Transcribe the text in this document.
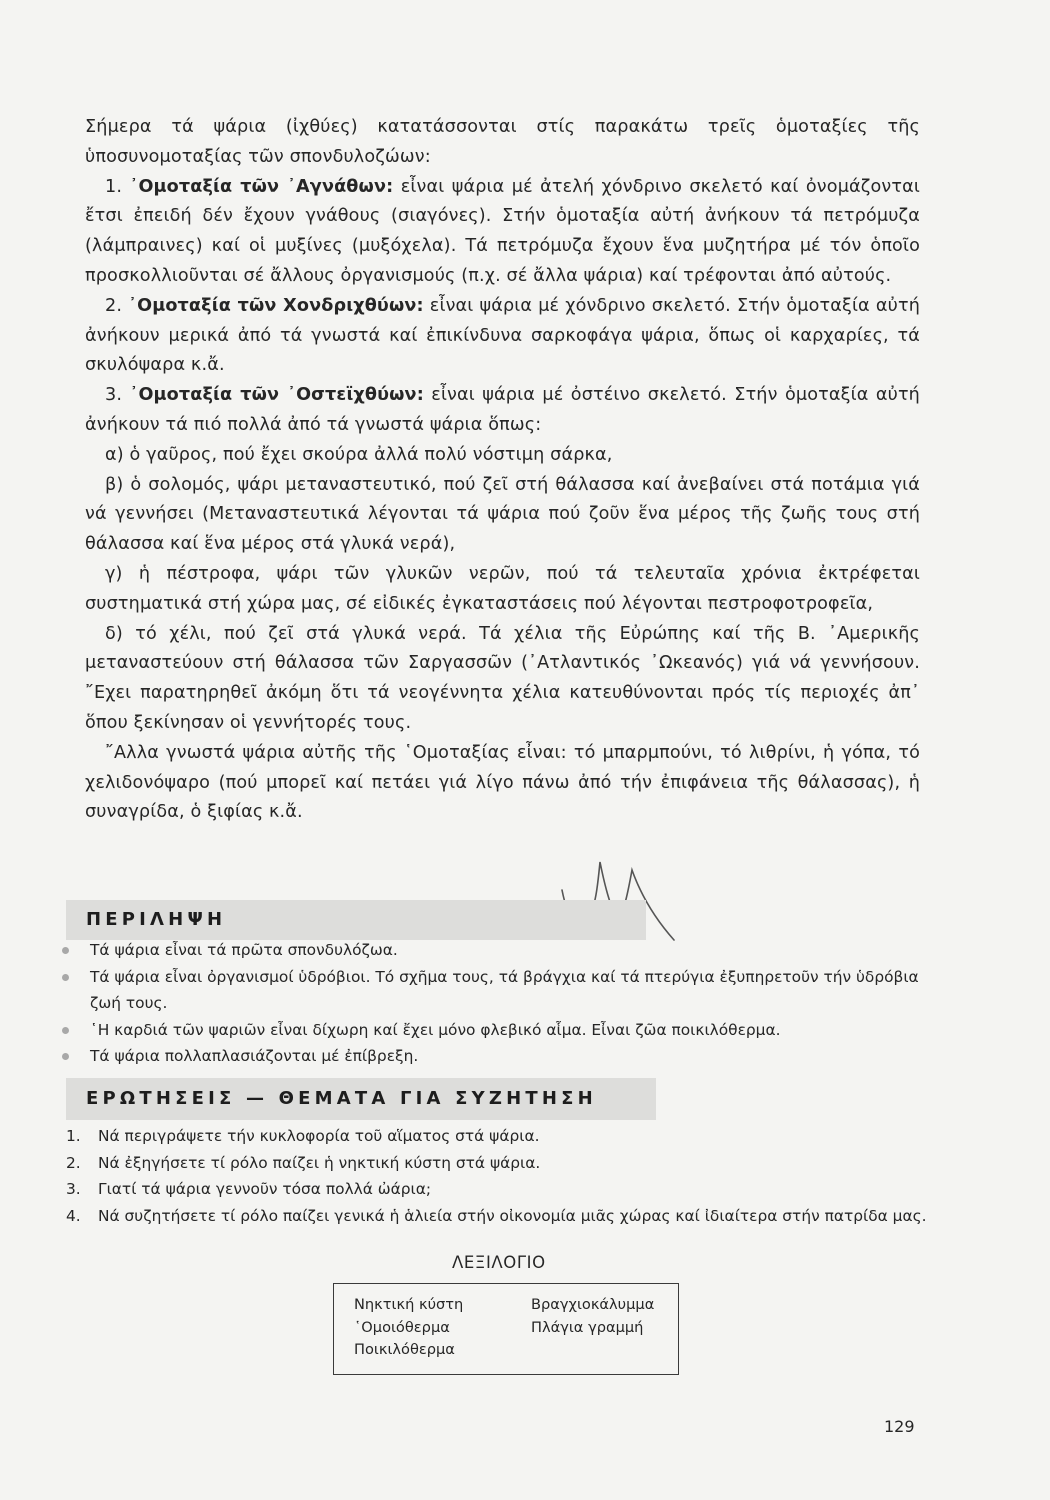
Σήμερα τά ψάρια (ἰχθύες) κατατάσσονται στίς παρακάτω τρεῖς ὁμοταξίες τῆς ὑποσυνομοταξίας τῶν σπονδυλοζώων:

1. ᾿Ομοταξία τῶν ᾿Αγνάθων: εἶναι ψάρια μέ ἀτελή χόνδρινο σκελετό καί ὀνομάζονται ἔτσι ἐπειδή δέν ἔχουν γνάθους (σιαγόνες). Στήν ὁμοταξία αὐτή ἀνήκουν τά πετρόμυζα (λάμπραινες) καί οἱ μυξίνες (μυξόχελα). Τά πετρόμυζα ἔχουν ἕνα μυζητήρα μέ τόν ὁποῖο προσκολλιοῦνται σέ ἄλλους ὀργανισμούς (π.χ. σέ ἄλλα ψάρια) καί τρέφονται ἀπό αὐτούς.

2. ᾿Ομοταξία τῶν Χονδριχθύων: εἶναι ψάρια μέ χόνδρινο σκελετό. Στήν ὁμοταξία αὐτή ἀνήκουν μερικά ἀπό τά γνωστά καί ἐπικίνδυνα σαρκοφάγα ψάρια, ὅπως οἱ καρχαρίες, τά σκυλόψαρα κ.ἄ.

3. ᾿Ομοταξία τῶν ᾿Οστεϊχθύων: εἶναι ψάρια μέ ὀστέινο σκελετό. Στήν ὁμοταξία αὐτή ἀνήκουν τά πιό πολλά ἀπό τά γνωστά ψάρια ὅπως:

α) ὁ γαῦρος, πού ἔχει σκούρα ἀλλά πολύ νόστιμη σάρκα,

β) ὁ σολομός, ψάρι μεταναστευτικό, πού ζεῖ στή θάλασσα καί ἀνεβαίνει στά ποτάμια γιά νά γεννήσει (Μεταναστευτικά λέγονται τά ψάρια πού ζοῦν ἕνα μέρος τῆς ζωῆς τους στή θάλασσα καί ἕνα μέρος στά γλυκά νερά),

γ) ἡ πέστροφα, ψάρι τῶν γλυκῶν νερῶν, πού τά τελευταῖα χρόνια ἐκτρέφεται συστηματικά στή χώρα μας, σέ εἰδικές ἐγκαταστάσεις πού λέγονται πεστροφοτροφεῖα,

δ) τό χέλι, πού ζεῖ στά γλυκά νερά. Τά χέλια τῆς Εὐρώπης καί τῆς Β. ᾿Αμερικῆς μεταναστεύουν στή θάλασσα τῶν Σαργασσῶν (᾿Ατλαντικός ᾿Ωκεανός) γιά νά γεννήσουν. ῎Εχει παρατηρηθεῖ ἀκόμη ὅτι τά νεογέννητα χέλια κατευθύνονται πρός τίς περιοχές ἀπ᾿ ὅπου ξεκίνησαν οἱ γεννήτορές τους.

῎Αλλα γνωστά ψάρια αὐτῆς τῆς ῾Ομοταξίας εἶναι: τό μπαρμπούνι, τό λιθρίνι, ἡ γόπα, τό χελιδονόψαρο (πού μπορεῖ καί πετάει γιά λίγο πάνω ἀπό τήν ἐπιφάνεια τῆς θάλασσας), ἡ συναγρίδα, ὁ ξιφίας κ.ἄ.

ΠΕΡΙΛΗΨΗ
Τά ψάρια εἶναι τά πρῶτα σπονδυλόζωα.
Τά ψάρια εἶναι ὀργανισμοί ὑδρόβιοι. Τό σχῆμα τους, τά βράγχια καί τά πτερύγια ἐξυπηρετοῦν τήν ὑδρόβια ζωή τους.
῾Η καρδιά τῶν ψαριῶν εἶναι δίχωρη καί ἔχει μόνο φλεβικό αἷμα. Εἶναι ζῶα ποικιλόθερμα.
Τά ψάρια πολλαπλασιάζονται μέ ἐπίβρεξη.
ΕΡΩΤΗΣΕΙΣ — ΘΕΜΑΤΑ ΓΙΑ ΣΥΖΗΤΗΣΗ
1. Νά περιγράψετε τήν κυκλοφορία τοῦ αἵματος στά ψάρια.
2. Νά ἐξηγήσετε τί ρόλο παίζει ἡ νηκτική κύστη στά ψάρια.
3. Γιατί τά ψάρια γεννοῦν τόσα πολλά ὠάρια;
4. Νά συζητήσετε τί ρόλο παίζει γενικά ἡ ἁλιεία στήν οἰκονομία μιᾶς χώρας καί ἰδιαίτερα στήν πατρίδα μας.
ΛΕΞΙΛΟΓΙΟ
Νηκτική κύστη
῾Ομοιόθερμα
Ποικιλόθερμα
Βραγχιοκάλυμμα
Πλάγια γραμμή
129
